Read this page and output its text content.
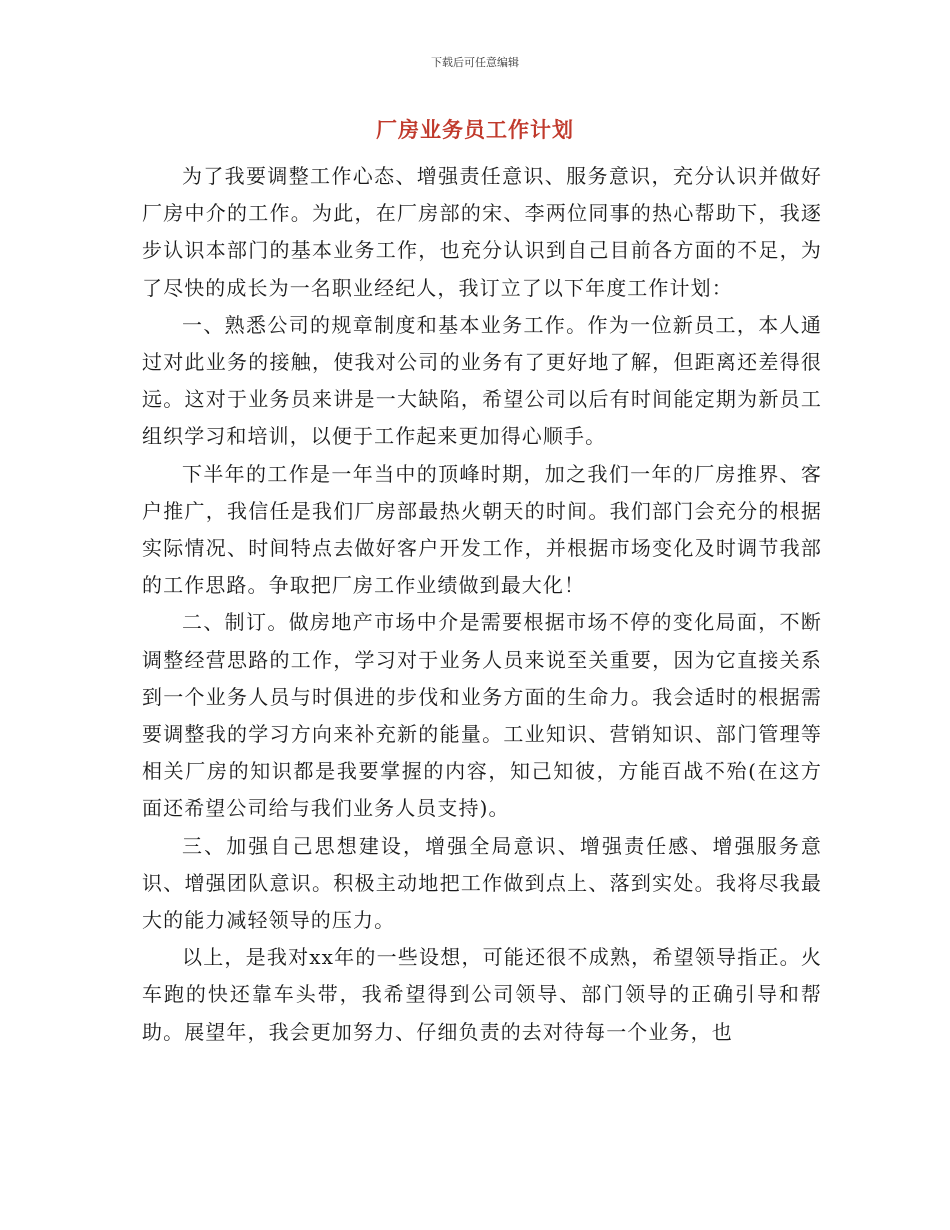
下载后可任意编辑
厂房业务员工作计划

为了我要调整工作心态、增强责任意识、服务意识，充分认识并做好厂房中介的工作。为此，在厂房部的宋、李两位同事的热心帮助下，我逐步认识本部门的基本业务工作，也充分认识到自己目前各方面的不足，为了尽快的成长为一名职业经纪人，我订立了以下年度工作计划：

一、熟悉公司的规章制度和基本业务工作。作为一位新员工，本人通过对此业务的接触，使我对公司的业务有了更好地了解，但距离还差得很远。这对于业务员来讲是一大缺陷，希望公司以后有时间能定期为新员工组织学习和培训，以便于工作起来更加得心顺手。

下半年的工作是一年当中的顶峰时期，加之我们一年的厂房推界、客户推广，我信任是我们厂房部最热火朝天的时间。我们部门会充分的根据实际情况、时间特点去做好客户开发工作，并根据市场变化及时调节我部的工作思路。争取把厂房工作业绩做到最大化！

二、制订。做房地产市场中介是需要根据市场不停的变化局面，不断调整经营思路的工作，学习对于业务人员来说至关重要，因为它直接关系到一个业务人员与时俱进的步伐和业务方面的生命力。我会适时的根据需要调整我的学习方向来补充新的能量。工业知识、营销知识、部门管理等相关厂房的知识都是我要掌握的内容，知己知彼，方能百战不殆(在这方面还希望公司给与我们业务人员支持)。

三、加强自己思想建设，增强全局意识、增强责任感、增强服务意识、增强团队意识。积极主动地把工作做到点上、落到实处。我将尽我最大的能力减轻领导的压力。

以上，是我对xx年的一些设想，可能还很不成熟，希望领导指正。火车跑的快还靠车头带，我希望得到公司领导、部门领导的正确引导和帮助。展望年，我会更加努力、仔细负责的去对待每一个业务，也
